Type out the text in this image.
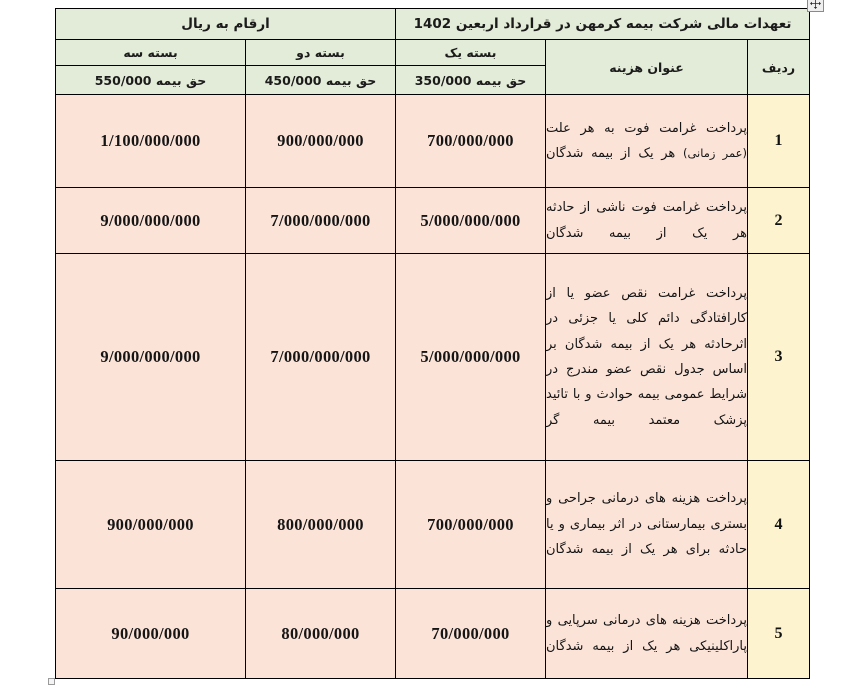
تعهدات مالی شرکت بیمه کرمهن در قرارداد اربعین 1402			ارقام به ریال	
ردیف	عنوان هزینه	بسته یک	بسته دو	بسته سه
		حق بیمه 350/000	حق بیمه 450/000	حق بیمه 550/000
1	پرداخت غرامت فوت به هر علت (عمر زمانی) هر یک از بیمه شدگان	700/000/000	900/000/000	1/100/000/000
2	پرداخت غرامت فوت ناشی از حادثه هر یک از بیمه شدگان	5/000/000/000	7/000/000/000	9/000/000/000
3	پرداخت غرامت نقص عضو یا از کارافتادگی دائم کلی یا جزئی در اثرحادثه هر یک از بیمه شدگان بر اساس جدول نقص عضو مندرج در شرایط عمومی بیمه حوادث و با تائید پزشک معتمد بیمه گر	5/000/000/000	7/000/000/000	9/000/000/000
4	پرداخت هزینه های درمانی جراحی و بستری بیمارستانی در اثر بیماری و یا حادثه برای هر یک از بیمه شدگان	700/000/000	800/000/000	900/000/000
5	پرداخت هزینه های درمانی سرپایی و پاراکلینیکی هر یک از بیمه شدگان	70/000/000	80/000/000	90/000/000
